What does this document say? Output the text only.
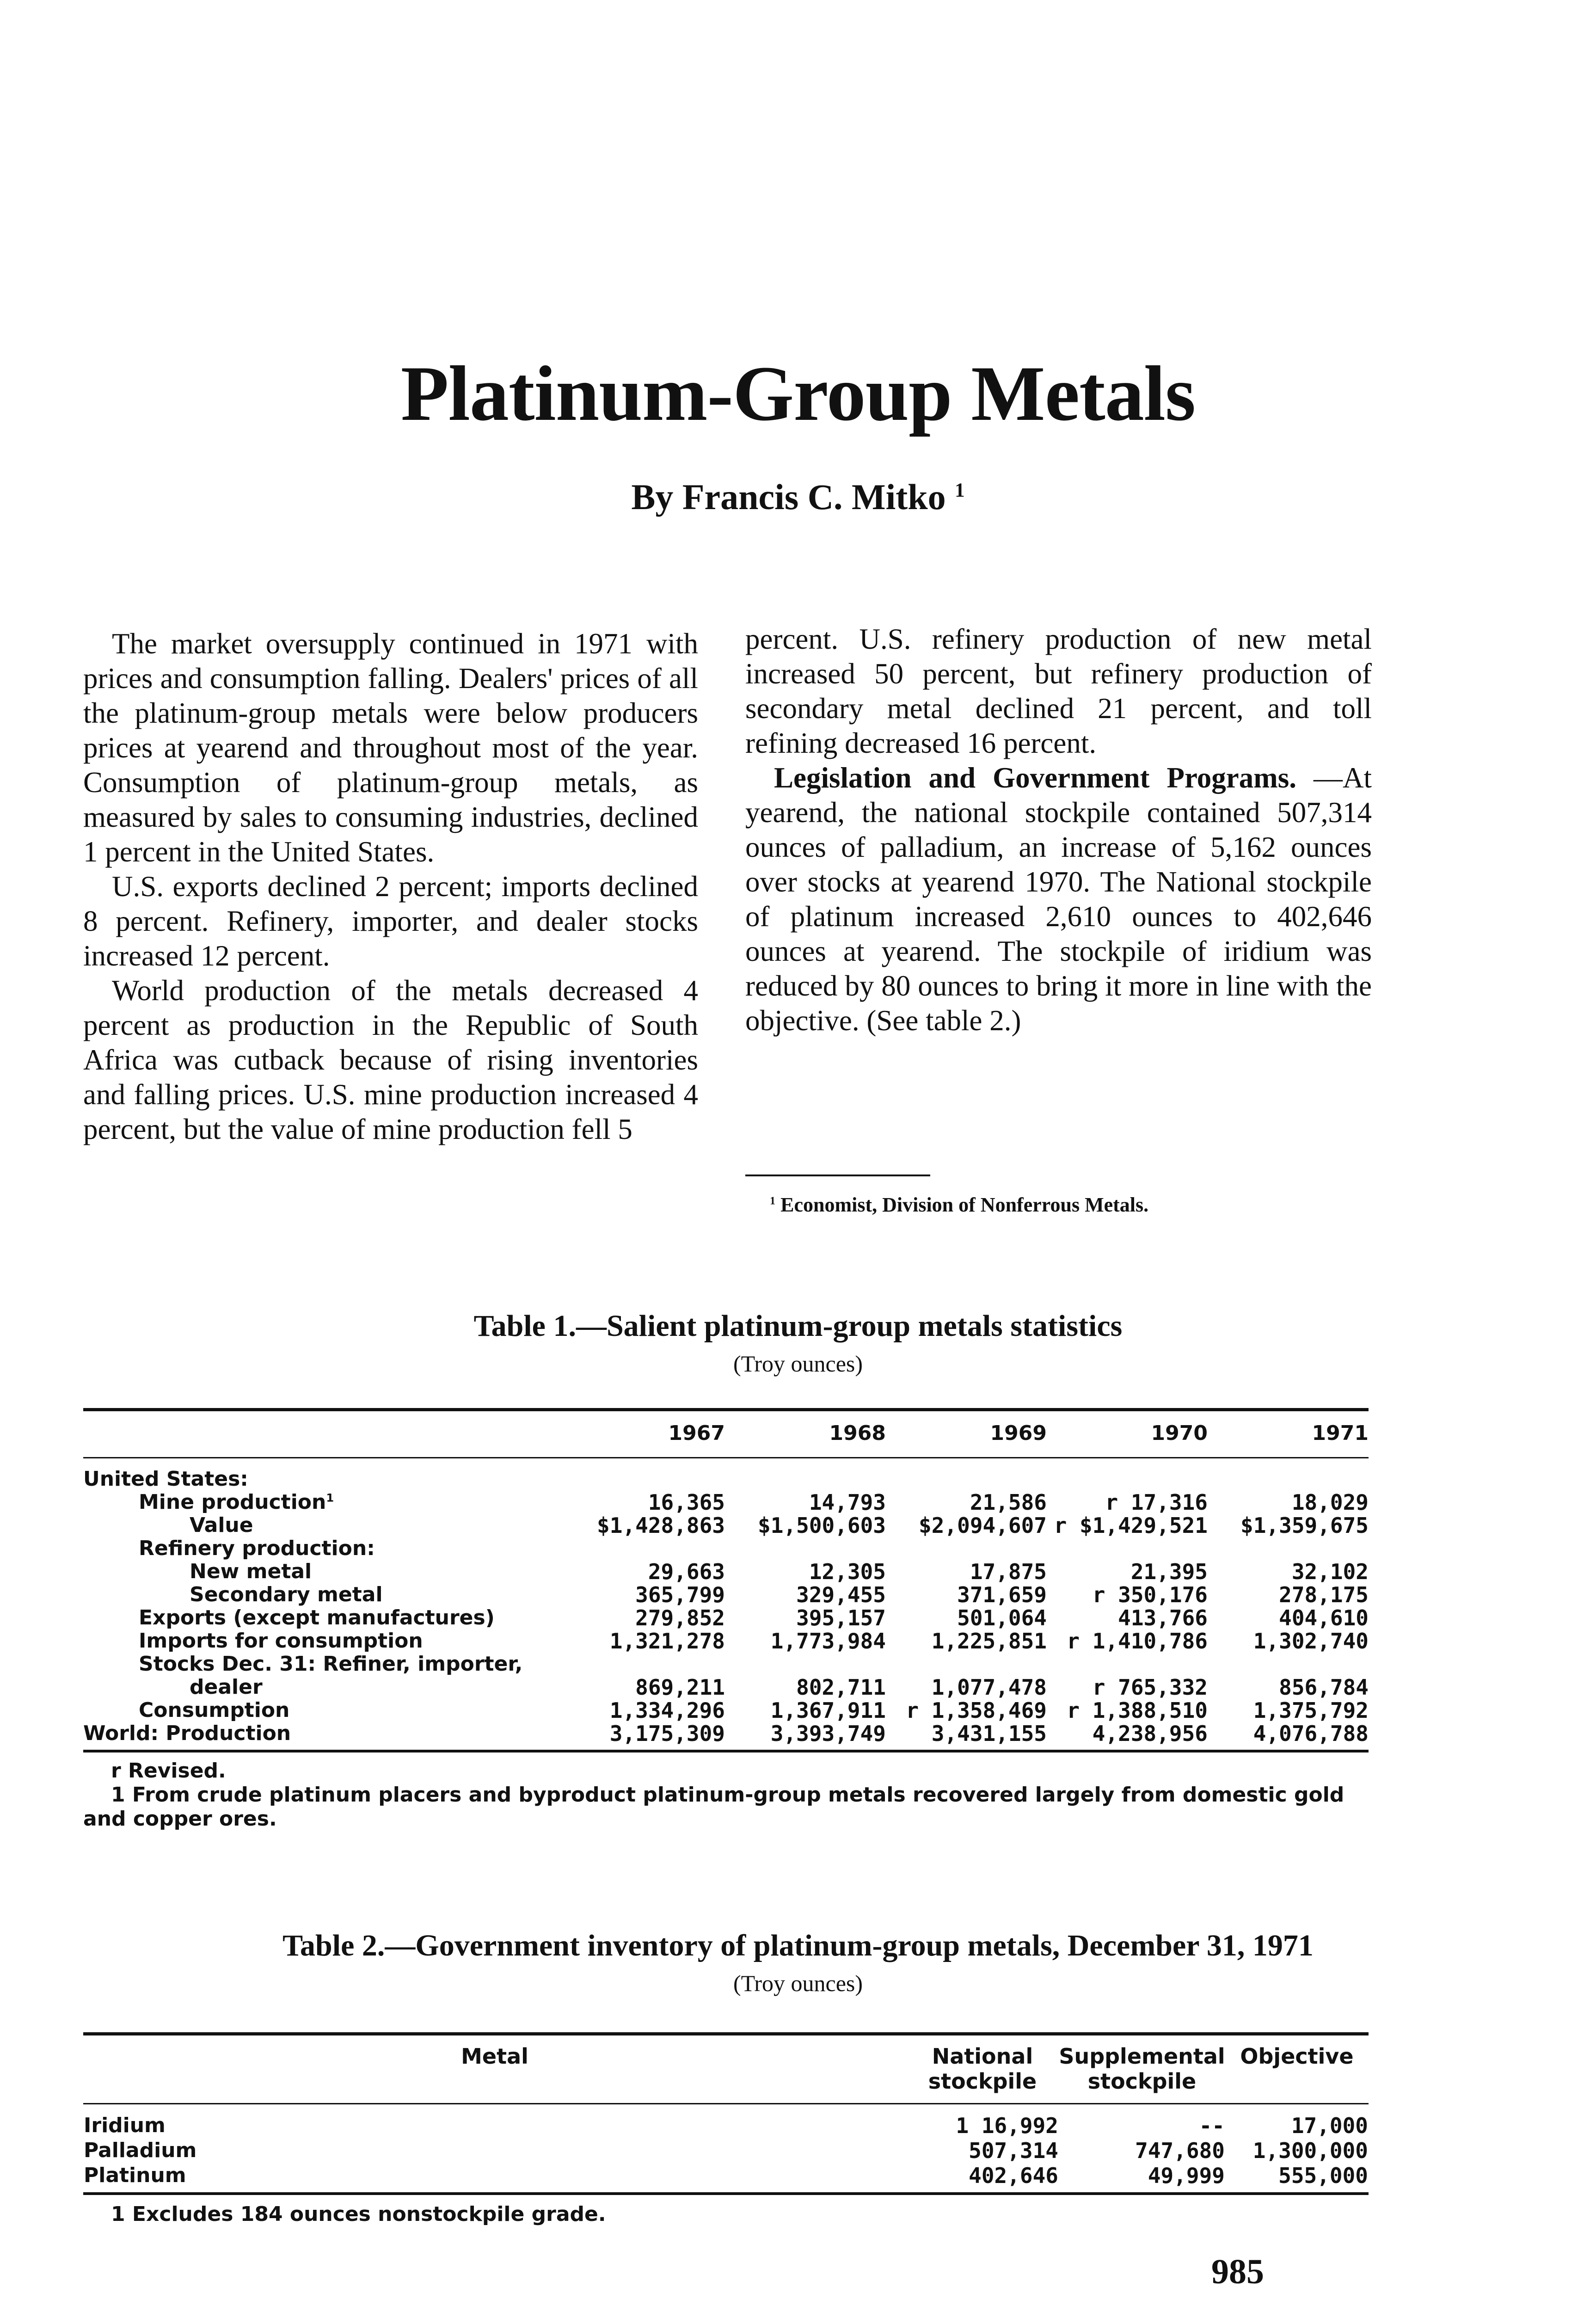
Platinum-Group Metals
By Francis C. Mitko $^1$

The market oversupply continued in 1971 with prices and consumption falling. Dealers' prices of all the platinum-group metals were below producers prices at yearend and throughout most of the year. Consumption of platinum-group metals, as measured by sales to consuming industries, declined 1 percent in the United States.

U.S. exports declined 2 percent; imports declined 8 percent. Refinery, importer, and dealer stocks increased 12 percent.

World production of the metals decreased 4 percent as production in the Republic of South Africa was cutback because of rising inventories and falling prices. U.S. mine production increased 4 percent, but the value of mine production fell 5

percent. U.S. refinery production of new metal increased 50 percent, but refinery production of secondary metal declined 21 percent, and toll refining decreased 16 percent.

Legislation and Government Programs. —At yearend, the national stockpile contained 507,314 ounces of palladium, an increase of 5,162 ounces over stocks at yearend 1970. The National stockpile of platinum increased 2,610 ounces to 402,646 ounces at yearend. The stockpile of iridium was reduced by 80 ounces to bring it more in line with the objective. (See table 2.)

$^1$ Economist, Division of Nonferrous Metals.
Table 1.—Salient platinum-group metals statistics
(Troy ounces)
	1967	1968	1969	1970	1971
United States:					
Mine production$^1$	16,365	14,793	21,586	r 17,316	18,029
Value	$1,428,863	$1,500,603	$2,094,607	r $1,429,521	$1,359,675
Refinery production:					
New metal	29,663	12,305	17,875	21,395	32,102
Secondary metal	365,799	329,455	371,659	r 350,176	278,175
Exports (except manufactures)	279,852	395,157	501,064	413,766	404,610
Imports for consumption	1,321,278	1,773,984	1,225,851	r 1,410,786	1,302,740
Stocks Dec. 31: Refiner, importer,					
dealer	869,211	802,711	1,077,478	r 765,332	856,784
Consumption	1,334,296	1,367,911	r 1,358,469	r 1,388,510	1,375,792
World: Production	3,175,309	3,393,749	3,431,155	4,238,956	4,076,788
r Revised.
1 From crude platinum placers and byproduct platinum-group metals recovered largely from domestic gold and copper ores.
Table 2.—Government inventory of platinum-group metals, December 31, 1971
(Troy ounces)
Metal	National stockpile	Supplemental stockpile	Objective
Iridium	1 16,992	--	17,000
Palladium	507,314	747,680	1,300,000
Platinum	402,646	49,999	555,000
1 Excludes 184 ounces nonstockpile grade.
985
